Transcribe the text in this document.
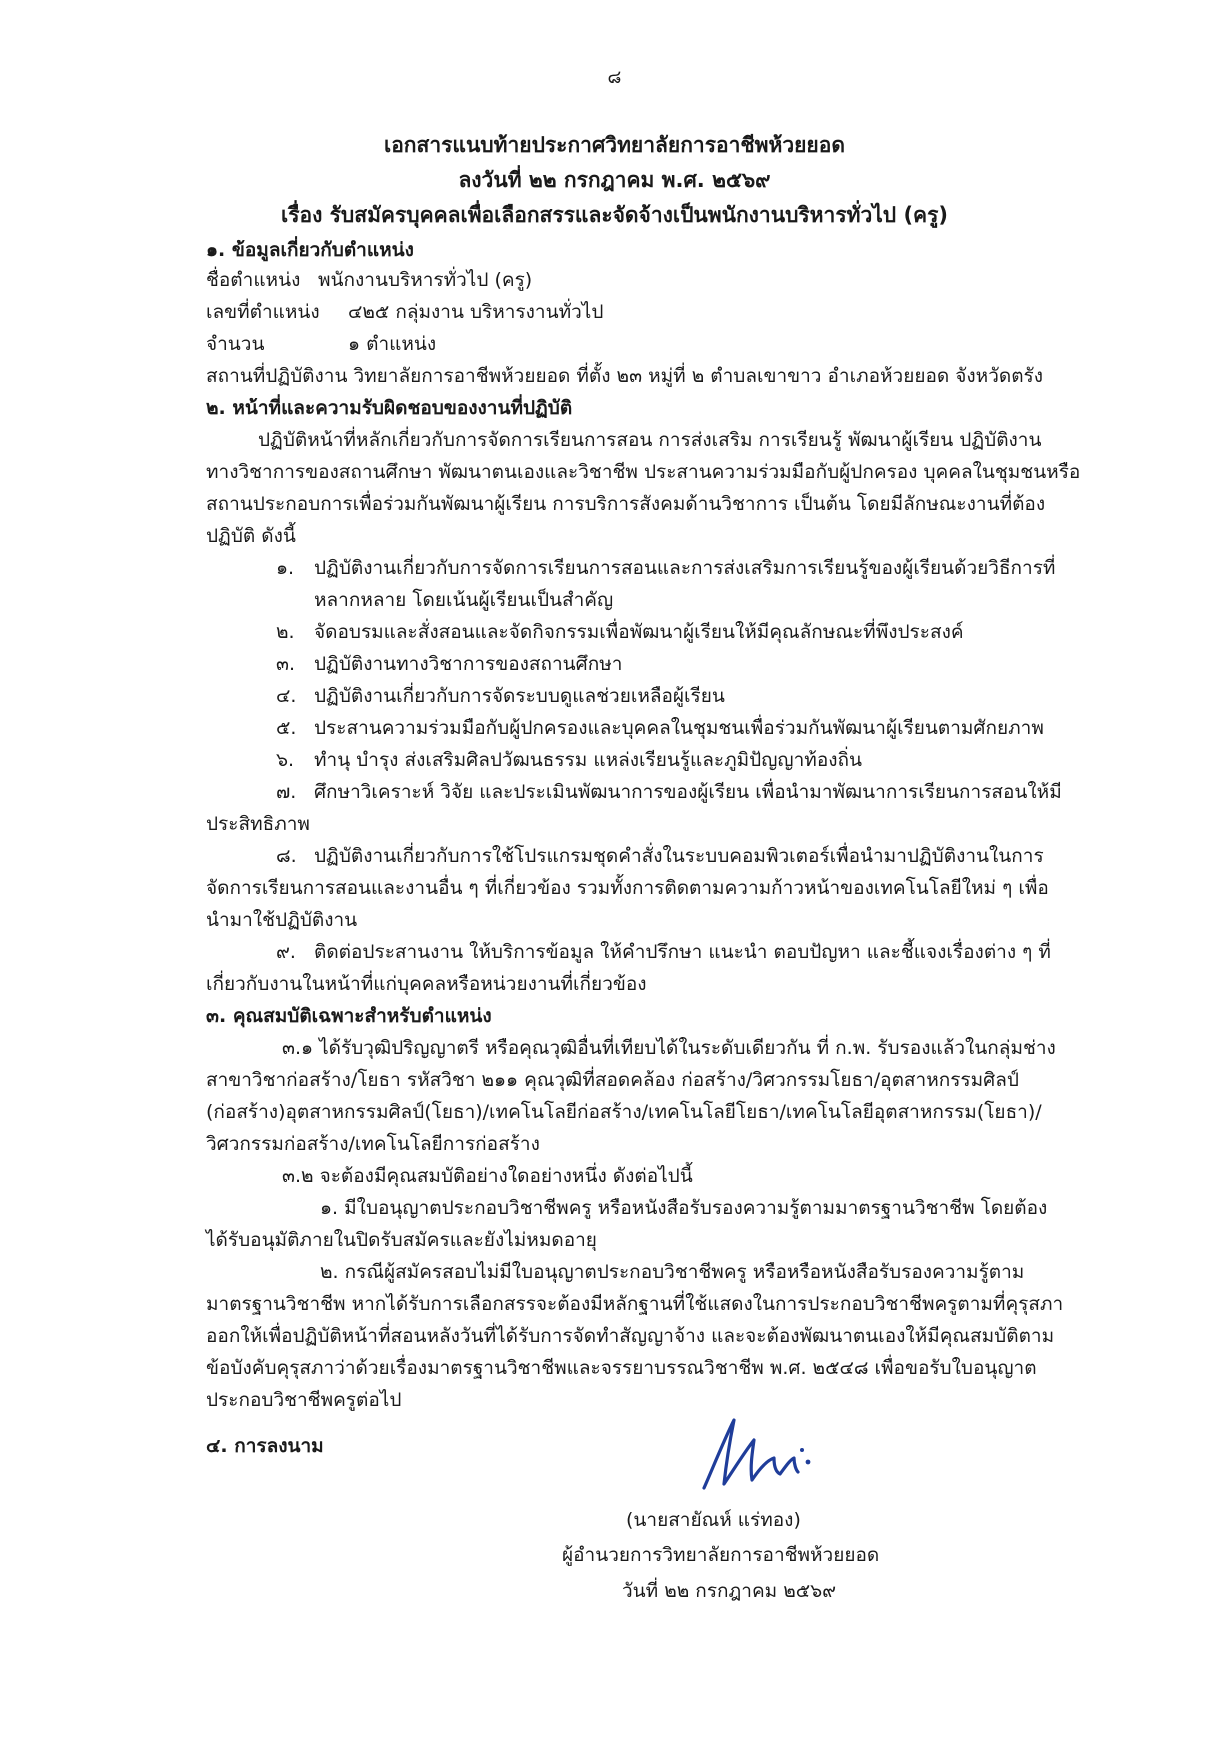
๘
เอกสารแนบท้ายประกาศวิทยาลัยการอาชีพห้วยยอด
ลงวันที่ ๒๒ กรกฎาคม พ.ศ. ๒๕๖๙
เรื่อง รับสมัครบุคคลเพื่อเลือกสรรและจัดจ้างเป็นพนักงานบริหารทั่วไป (ครู)
๑. ข้อมูลเกี่ยวกับตำแหน่ง
ชื่อตำแหน่ง พนักงานบริหารทั่วไป (ครู)
เลขที่ตำแหน่ง ๔๒๕ กลุ่มงาน บริหารงานทั่วไป
จำนวน	๑ ตำแหน่ง
สถานที่ปฏิบัติงาน วิทยาลัยการอาชีพห้วยยอด ที่ตั้ง ๒๓ หมู่ที่ ๒ ตำบลเขาขาว อำเภอห้วยยอด จังหวัดตรัง
๒. หน้าที่และความรับผิดชอบของงานที่ปฏิบัติ
ปฏิบัติหน้าที่หลักเกี่ยวกับการจัดการเรียนการสอน การส่งเสริม การเรียนรู้ พัฒนาผู้เรียน ปฏิบัติงาน
ทางวิชาการของสถานศึกษา พัฒนาตนเองและวิชาชีพ ประสานความร่วมมือกับผู้ปกครอง บุคคลในชุมชนหรือ
สถานประกอบการเพื่อร่วมกันพัฒนาผู้เรียน การบริการสังคมด้านวิชาการ เป็นต้น โดยมีลักษณะงานที่ต้อง
ปฏิบัติ ดังนี้
๑. ปฏิบัติงานเกี่ยวกับการจัดการเรียนการสอนและการส่งเสริมการเรียนรู้ของผู้เรียนด้วยวิธีการที่
หลากหลาย โดยเน้นผู้เรียนเป็นสำคัญ
๒. จัดอบรมและสั่งสอนและจัดกิจกรรมเพื่อพัฒนาผู้เรียนให้มีคุณลักษณะที่พึงประสงค์
๓. ปฏิบัติงานทางวิชาการของสถานศึกษา
๔. ปฏิบัติงานเกี่ยวกับการจัดระบบดูแลช่วยเหลือผู้เรียน
๕. ประสานความร่วมมือกับผู้ปกครองและบุคคลในชุมชนเพื่อร่วมกันพัฒนาผู้เรียนตามศักยภาพ
๖. ทำนุ บำรุง ส่งเสริมศิลปวัฒนธรรม แหล่งเรียนรู้และภูมิปัญญาท้องถิ่น
๗. ศึกษาวิเคราะห์ วิจัย และประเมินพัฒนาการของผู้เรียน เพื่อนำมาพัฒนาการเรียนการสอนให้มี
ประสิทธิภาพ
๘. ปฏิบัติงานเกี่ยวกับการใช้โปรแกรมชุดคำสั่งในระบบคอมพิวเตอร์เพื่อนำมาปฏิบัติงานในการ
จัดการเรียนการสอนและงานอื่น ๆ ที่เกี่ยวข้อง รวมทั้งการติดตามความก้าวหน้าของเทคโนโลยีใหม่ ๆ เพื่อ
นำมาใช้ปฏิบัติงาน
๙. ติดต่อประสานงาน ให้บริการข้อมูล ให้คำปรึกษา แนะนำ ตอบปัญหา และชี้แจงเรื่องต่าง ๆ ที่
เกี่ยวกับงานในหน้าที่แก่บุคคลหรือหน่วยงานที่เกี่ยวข้อง
๓. คุณสมบัติเฉพาะสำหรับตำแหน่ง
๓.๑ ได้รับวุฒิปริญญาตรี หรือคุณวุฒิอื่นที่เทียบได้ในระดับเดียวกัน ที่ ก.พ. รับรองแล้วในกลุ่มช่าง
สาขาวิชาก่อสร้าง/โยธา รหัสวิชา ๒๑๑ คุณวุฒิที่สอดคล้อง ก่อสร้าง/วิศวกรรมโยธา/อุตสาหกรรมศิลป์
(ก่อสร้าง)อุตสาหกรรมศิลป์(โยธา)/เทคโนโลยีก่อสร้าง/เทคโนโลยีโยธา/เทคโนโลยีอุตสาหกรรม(โยธา)/
วิศวกรรมก่อสร้าง/เทคโนโลยีการก่อสร้าง
๓.๒ จะต้องมีคุณสมบัติอย่างใดอย่างหนึ่ง ดังต่อไปนี้
๑. มีใบอนุญาตประกอบวิชาชีพครู หรือหนังสือรับรองความรู้ตามมาตรฐานวิชาชีพ โดยต้อง
ได้รับอนุมัติภายในปิดรับสมัครและยังไม่หมดอายุ
๒. กรณีผู้สมัครสอบไม่มีใบอนุญาตประกอบวิชาชีพครู หรือหรือหนังสือรับรองความรู้ตาม
มาตรฐานวิชาชีพ หากได้รับการเลือกสรรจะต้องมีหลักฐานที่ใช้แสดงในการประกอบวิชาชีพครูตามที่คุรุสภา
ออกให้เพื่อปฏิบัติหน้าที่สอนหลังวันที่ได้รับการจัดทำสัญญาจ้าง และจะต้องพัฒนาตนเองให้มีคุณสมบัติตาม
ข้อบังคับคุรุสภาว่าด้วยเรื่องมาตรฐานวิชาชีพและจรรยาบรรณวิชาชีพ พ.ศ. ๒๕๔๘ เพื่อขอรับใบอนุญาต
ประกอบวิชาชีพครูต่อไป
๔. การลงนาม
(นายสายัณห์ แร่ทอง)
ผู้อำนวยการวิทยาลัยการอาชีพห้วยยอด
วันที่ ๒๒ กรกฎาคม ๒๕๖๙
